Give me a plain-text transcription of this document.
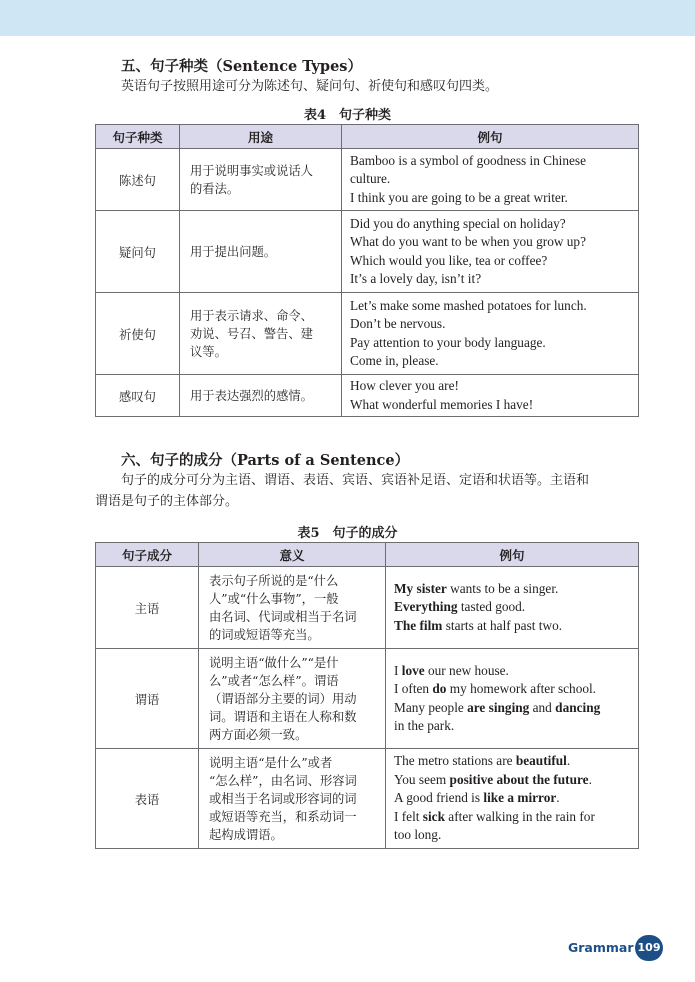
五、句子种类（Sentence Types）
英语句子按照用途可分为陈述句、疑问句、祈使句和感叹句四类。
表4　句子种类
句子种类	用途	例句
陈述句	用于说明事实或说话人
的看法。	Bamboo is a symbol of goodness in Chinese
culture.
I think you are going to be a great writer.

疑问句	用于提出问题。	Did you do anything special on holiday?
What do you want to be when you grow up?
Which would you like, tea or coffee?
It’s a lovely day, isn’t it?

祈使句	用于表示请求、命令、
劝说、号召、警告、建
议等。	Let’s make some mashed potatoes for lunch.
Don’t be nervous.
Pay attention to your body language.
Come in, please.

感叹句	用于表达强烈的感情。	How clever you are!
What wonderful memories I have!
六、句子的成分（Parts of a Sentence）
句子的成分可分为主语、谓语、表语、宾语、宾语补足语、定语和状语等。主语和
谓语是句子的主体部分。
表5　句子的成分
句子成分	意义	例句
主语	表示句子所说的是“什么
人”或“什么事物”，一般
由名词、代词或相当于名词
的词或短语等充当。	My sister wants to be a singer.
Everything tasted good.
The film starts at half past two.

谓语	说明主语“做什么”“是什
么”或者“怎么样”。谓语
（谓语部分主要的词）用动
词。谓语和主语在人称和数
两方面必须一致。	I love our new house.
I often do my homework after school.
Many people are singing and dancing
in the park.

表语	说明主语“是什么”或者
“怎么样”，由名词、形容词
或相当于名词或形容词的词
或短语等充当，和系动词一
起构成谓语。	The metro stations are beautiful.
You seem positive about the future.
A good friend is like a mirror.
I felt sick after walking in the rain for
too long.
Grammar 109
